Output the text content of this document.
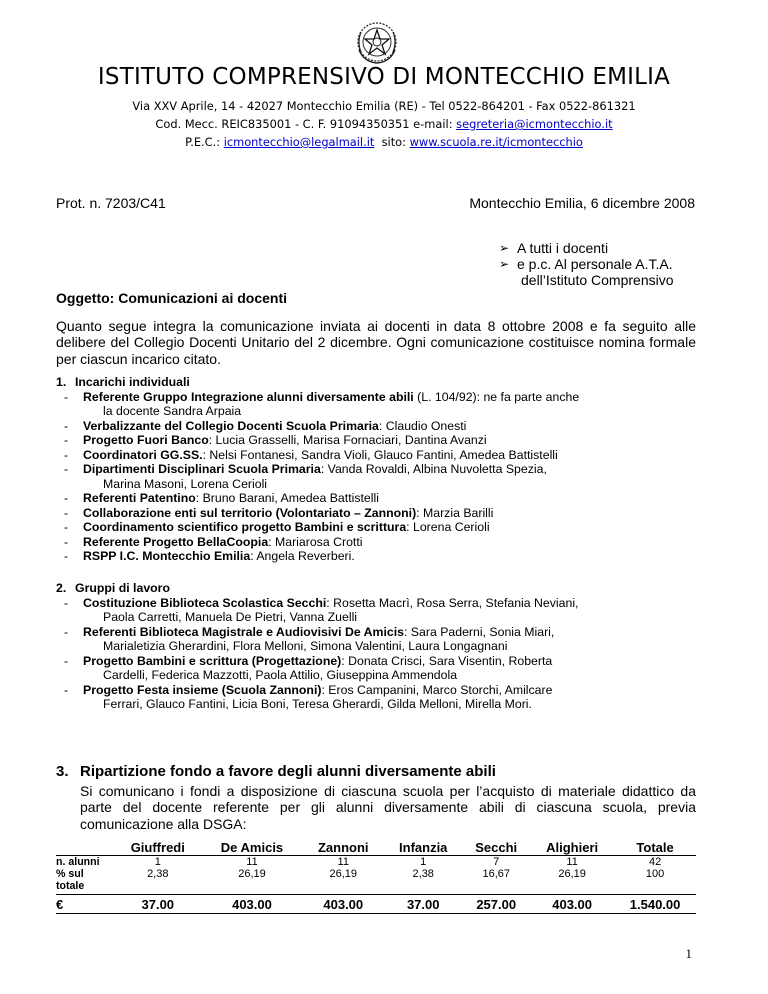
ISTITUTO COMPRENSIVO DI MONTECCHIO EMILIA
Via XXV Aprile, 14 - 42027 Montecchio Emilia (RE) - Tel 0522-864201 - Fax 0522-861321
Cod. Mecc. REIC835001 - C. F. 91094350351 e-mail: segreteria@icmontecchio.it
P.E.C.: icmontecchio@legalmail.it  sito: www.scuola.re.it/icmontecchio
Prot. n. 7203/C41	Montecchio Emilia, 6 dicembre 2008
➢ A tutti i docenti
➢ e p.c. Al personale A.T.A.
dell’Istituto Comprensivo
Oggetto: Comunicazioni ai docenti
Quanto segue integra la comunicazione inviata ai docenti in data 8 ottobre 2008 e fa seguito alle delibere del Collegio Docenti Unitario del 2 dicembre. Ogni comunicazione costituisce nomina formale per ciascun incarico citato.
1. Incarichi individuali
-	Referente Gruppo Integrazione alunni diversamente abili (L. 104/92): ne fa parte anche
la docente Sandra Arpaia
-	Verbalizzante del Collegio Docenti Scuola Primaria: Claudio Onesti
-	Progetto Fuori Banco: Lucia Grasselli, Marisa Fornaciari, Dantina Avanzi
-	Coordinatori GG.SS.: Nelsi Fontanesi, Sandra Violi, Glauco Fantini, Amedea Battistelli
-	Dipartimenti Disciplinari Scuola Primaria: Vanda Rovaldi, Albina Nuvoletta Spezia,
Marina Masoni, Lorena Cerioli
-	Referenti Patentino: Bruno Barani, Amedea Battistelli
-	Collaborazione enti sul territorio (Volontariato – Zannoni): Marzia Barilli
-	Coordinamento scientifico progetto Bambini e scrittura: Lorena Cerioli
-	Referente Progetto BellaCoopia: Mariarosa Crotti
-	RSPP I.C. Montecchio Emilia: Angela Reverberi.
2. Gruppi di lavoro
-	Costituzione Biblioteca Scolastica Secchi: Rosetta Macrì, Rosa Serra, Stefania Neviani,
Paola Carretti, Manuela De Pietri, Vanna Zuelli
-	Referenti Biblioteca Magistrale e Audiovisivi De Amicis: Sara Paderni, Sonia Miari,
Marialetizia Gherardini, Flora Melloni, Simona Valentini, Laura Longagnani
-	Progetto Bambini e scrittura (Progettazione): Donata Crisci, Sara Visentin, Roberta
Cardelli, Federica Mazzotti, Paola Attilio, Giuseppina Ammendola
-	Progetto Festa insieme (Scuola Zannoni): Eros Campanini, Marco Storchi, Amilcare
Ferrari, Glauco Fantini, Licia Boni, Teresa Gherardi, Gilda Melloni, Mirella Mori.
3. Ripartizione fondo a favore degli alunni diversamente abili
Si comunicano i fondi a disposizione di ciascuna scuola per l’acquisto di materiale didattico da parte del docente referente per gli alunni diversamente abili di ciascuna scuola, previa comunicazione alla DSGA:
	Giuffredi	De Amicis	Zannoni	Infanzia	Secchi	Alighieri	Totale
n. alunni	1	11	11	1	7	11	42
% sul totale	2,38	26,19	26,19	2,38	16,67	26,19	100
€	37.00	403.00	403.00	37.00	257.00	403.00	1.540.00
1
